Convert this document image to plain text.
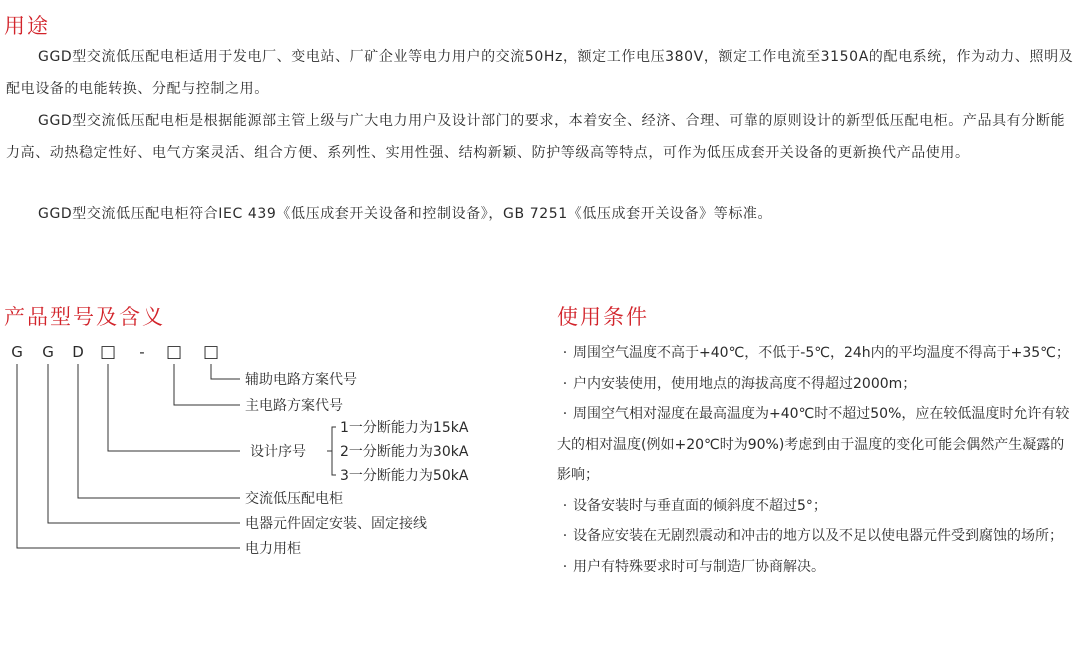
用途

GGD型交流低压配电柜适用于发电厂、变电站、厂矿企业等电力用户的交流50Hz，额定工作电压380V，额定工作电流至3150A的配电系统，作为动力、照明及配电设备的电能转换、分配与控制之用。

GGD型交流低压配电柜是根据能源部主管上级与广大电力用户及设计部门的要求，本着安全、经济、合理、可靠的原则设计的新型低压配电柜。产品具有分断能力高、动热稳定性好、电气方案灵活、组合方便、系列性、实用性强、结构新颖、防护等级高等特点，可作为低压成套开关设备的更新换代产品使用。

GGD型交流低压配电柜符合IEC 439《低压成套开关设备和控制设备》，GB 7251《低压成套开关设备》等标准。

产品型号及含义
G G D □ - □ □
辅助电路方案代号
主电路方案代号
设计序号
1一分断能力为15kA
2一分断能力为30kA
3一分断能力为50kA
交流低压配电柜
电器元件固定安装、固定接线
电力用柜
使用条件
· 周围空气温度不高于+40℃，不低于-5℃，24h内的平均温度不得高于+35℃；
· 户内安装使用，使用地点的海拔高度不得超过2000m；
· 周围空气相对湿度在最高温度为+40℃时不超过50%，应在较低温度时允许有较大的相对温度(例如+20℃时为90%)考虑到由于温度的变化可能会偶然产生凝露的影响；
· 设备安装时与垂直面的倾斜度不超过5°；
· 设备应安装在无剧烈震动和冲击的地方以及不足以使电器元件受到腐蚀的场所；
· 用户有特殊要求时可与制造厂协商解决。
